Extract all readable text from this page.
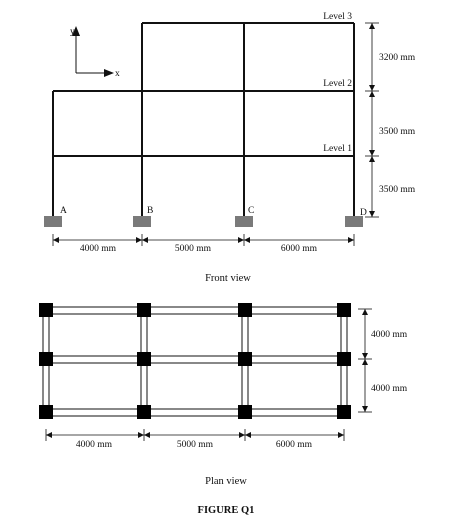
y
x
A	B	C	D
Level 3
Level 2
Level 1
3200 mm
3500 mm
3500 mm
4000 mm	5000 mm	6000 mm
Front view
4000 mm
4000 mm
4000 mm	5000 mm	6000 mm
Plan view
FIGURE Q1
